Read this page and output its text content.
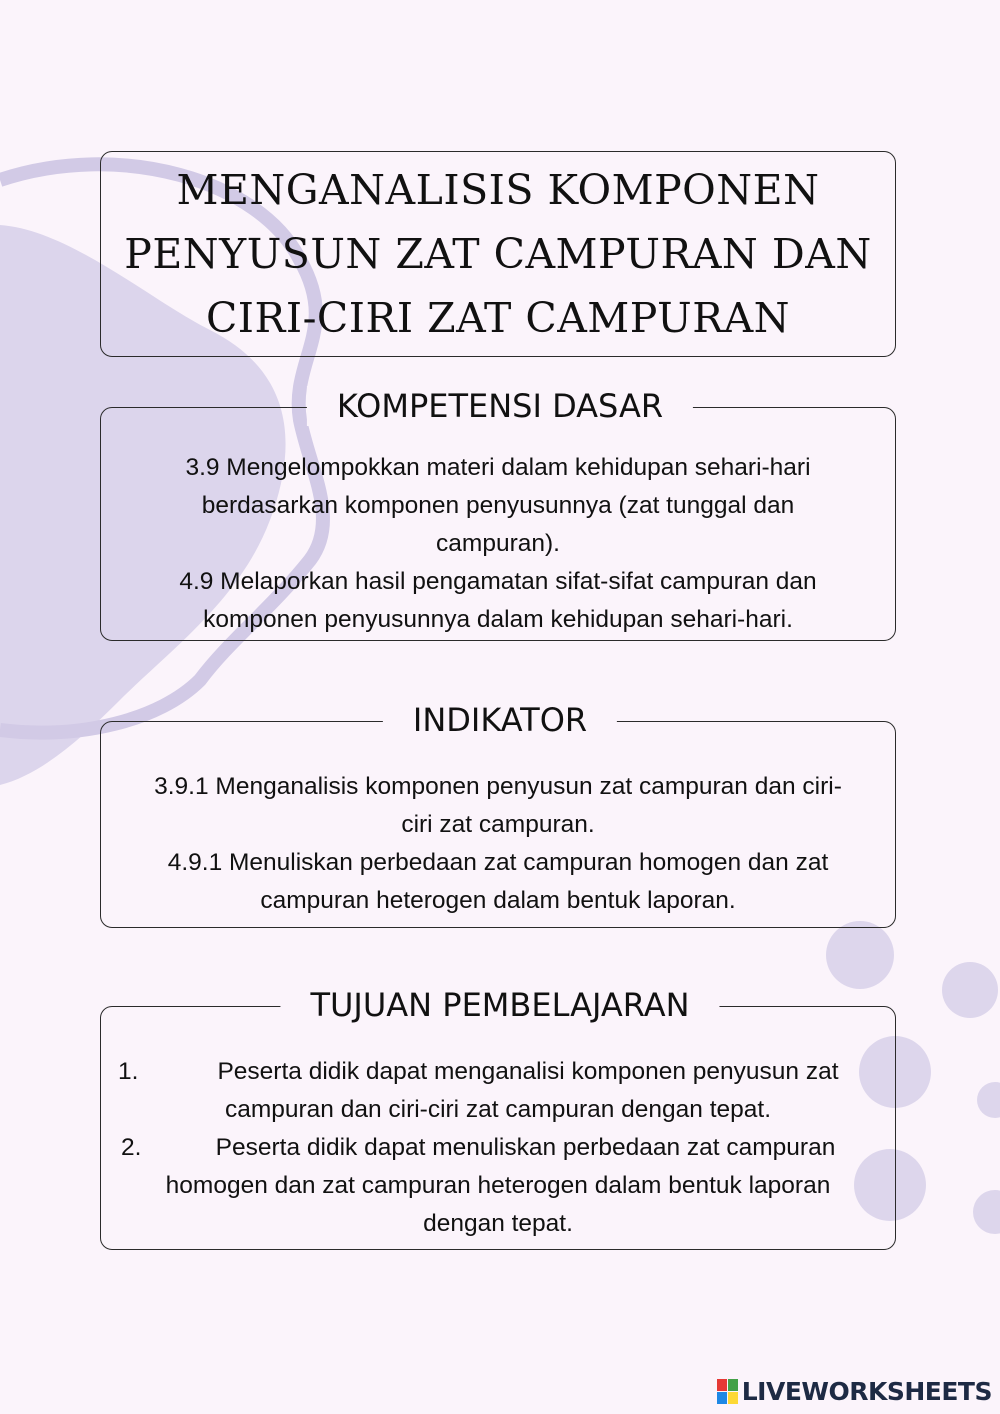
MENGANALISIS KOMPONEN
PENYUSUN ZAT CAMPURAN DAN
CIRI-CIRI ZAT CAMPURAN

3.9 Mengelompokkan materi dalam kehidupan sehari-hari

berdasarkan komponen penyusunnya (zat tunggal dan

campuran).

4.9 Melaporkan hasil pengamatan sifat-sifat campuran dan

komponen penyusunnya dalam kehidupan sehari-hari.

KOMPETENSI DASAR

3.9.1 Menganalisis komponen penyusun zat campuran dan ciri-

ciri zat campuran.

4.9.1 Menuliskan perbedaan zat campuran homogen dan zat

campuran heterogen dalam bentuk laporan.

INDIKATOR

1.	Peserta didik dapat menganalisi komponen penyusun zat

campuran dan ciri-ciri zat campuran dengan tepat.

2.	Peserta didik dapat menuliskan perbedaan zat campuran

homogen dan zat campuran heterogen dalam bentuk laporan

dengan tepat.

TUJUAN PEMBELAJARAN
LIVEWORKSHEETS
